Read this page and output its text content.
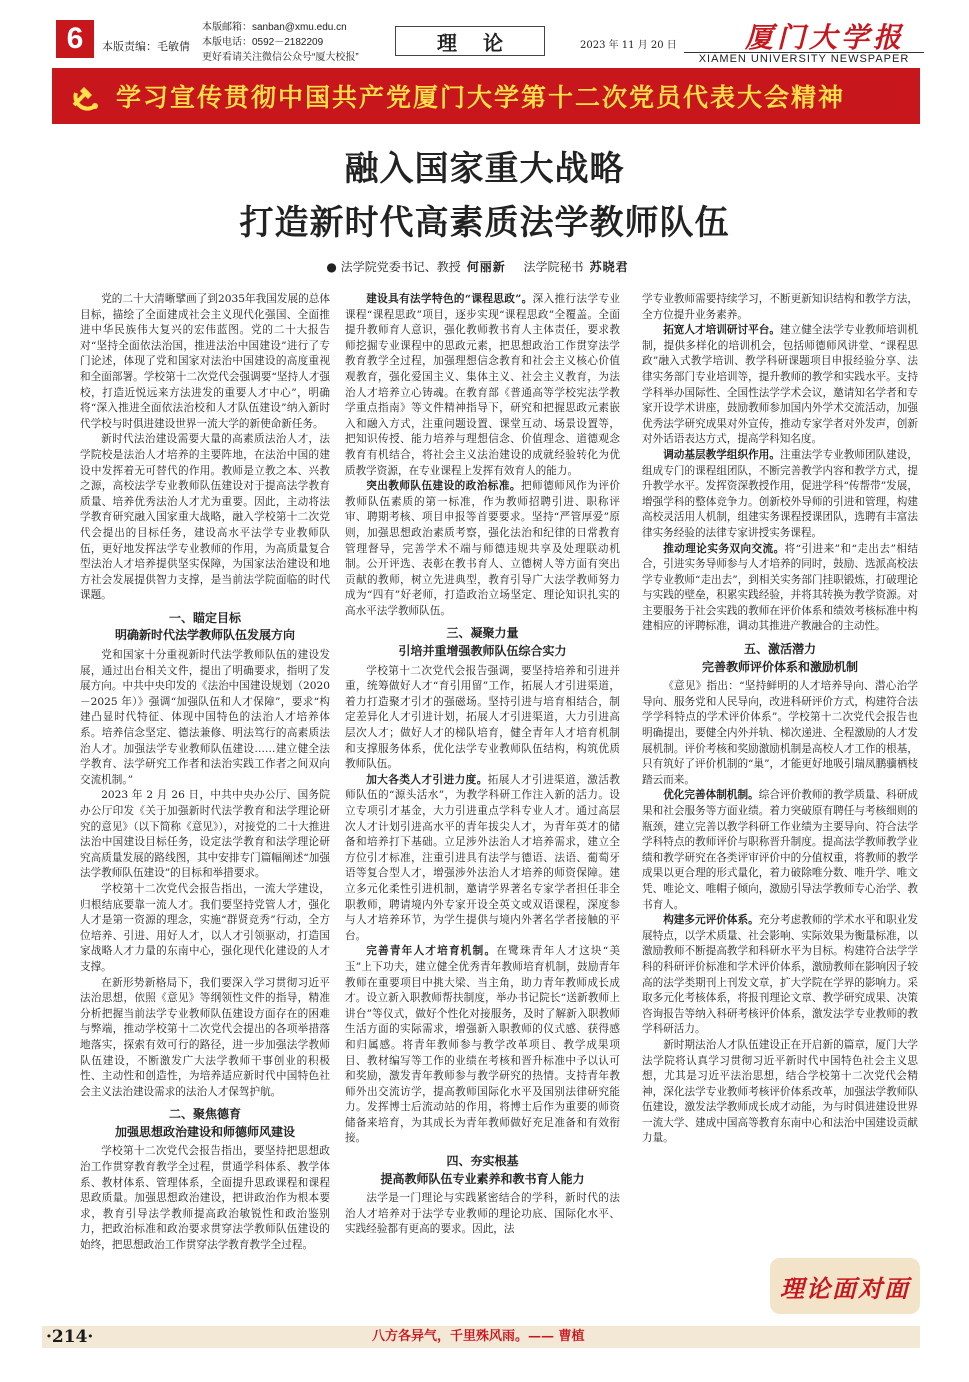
6	本版责编：毛敏倩
本版邮箱：sanban@xmu.edu.cn
本版电话：0592－2182209
更好看请关注微信公众号“厦大校报”
理论	2023 年 11 月 20 日	厦门大学报
XIAMEN UNIVERSITY NEWSPAPER
学习宣传贯彻中国共产党厦门大学第十二次党员代表大会精神
融入国家重大战略
打造新时代高素质法学教师队伍
● 法学院党委书记、教授 何丽新 法学院秘书 苏晓君

党的二十大清晰擘画了到2035年我国发展的总体目标，描绘了全面建成社会主义现代化强国、全面推进中华民族伟大复兴的宏伟蓝图。党的二十大报告对“坚持全面依法治国，推进法治中国建设”进行了专门论述，体现了党和国家对法治中国建设的高度重视和全面部署。学校第十二次党代会强调要“坚持人才强校，打造近悦远来方法进发的重要人才中心”，明确将“深入推进全面依法治校和人才队伍建设”纳入新时代学校与时俱进建设世界一流大学的新使命新任务。

新时代法治建设需要大量的高素质法治人才，法学院校是法治人才培养的主要阵地，在法治中国的建设中发挥着无可替代的作用。教师是立教之本、兴教之源，高校法学专业教师队伍建设对于提高法学教育质量、培养优秀法治人才尤为重要。因此，主动将法学教育研究融入国家重大战略，融入学校第十二次党代会提出的目标任务，建设高水平法学专业教师队伍，更好地发挥法学专业教师的作用，为高质量复合型法治人才培养提供坚实保障，为国家法治建设和地方社会发展提供智力支撑，是当前法学院面临的时代课题。

一、瞄定目标
明确新时代法学教师队伍发展方向

党和国家十分重视新时代法学教师队伍的建设发展，通过出台相关文件，提出了明确要求，指明了发展方向。中共中央印发的《法治中国建设规划（2020－2025 年）》强调“加强队伍和人才保障”，要求“构建凸显时代特征、体现中国特色的法治人才培养体系。培养信念坚定、德法兼修、明法笃行的高素质法治人才。加强法学专业教师队伍建设……建立健全法学教育、法学研究工作者和法治实践工作者之间双向交流机制。”

2023 年 2 月 26 日，中共中央办公厅、国务院办公厅印发《关于加强新时代法学教育和法学理论研究的意见》（以下简称《意见》），对接党的二十大推进法治中国建设目标任务，设定法学教育和法学理论研究高质量发展的路线图，其中安排专门篇幅阐述“加强法学教师队伍建设”的目标和举措要求。

学校第十二次党代会报告指出，一流大学建设，归根结底要靠一流人才。我们要坚持党管人才，强化人才是第一资源的理念，实施“群贤竞秀”行动，全方位培养、引进、用好人才，以人才引领驱动，打造国家战略人才力量的东南中心，强化现代化建设的人才支撑。

在新形势新格局下，我们要深入学习贯彻习近平法治思想，依照《意见》等纲领性文件的指导，精准分析把握当前法学专业教师队伍建设方面存在的困难与弊端，推动学校第十二次党代会提出的各项举措落地落实，探索有效可行的路径，进一步加强法学教师队伍建设，不断激发广大法学教师干事创业的积极性、主动性和创造性，为培养适应新时代中国特色社会主义法治建设需求的法治人才保驾护航。

二、聚焦德育
加强思想政治建设和师德师风建设

学校第十二次党代会报告指出，要坚持把思想政治工作贯穿教育教学全过程，贯通学科体系、教学体系、教材体系、管理体系，全面提升思政课程和课程思政质量。加强思想政治建设，把讲政治作为根本要求，教育引导法学教师提高政治敏锐性和政治鉴别力，把政治标准和政治要求贯穿法学教师队伍建设的始终，把思想政治工作贯穿法学教育教学全过程。

建设具有法学特色的“课程思政”。深入推行法学专业课程“课程思政”项目，逐步实现“课程思政”全覆盖。全面提升教师育人意识，强化教师教书育人主体责任，要求教师挖掘专业课程中的思政元素，把思想政治工作贯穿法学教育教学全过程，加强理想信念教育和社会主义核心价值观教育，强化爱国主义、集体主义、社会主义教育，为法治人才培养立心铸魂。在教育部《普通高等学校宪法学教学重点指南》等文件精神指导下，研究和把握思政元素嵌入和融入方式，注重问题设置、课堂互动、场景设置等，把知识传授、能力培养与理想信念、价值理念、道德观念教育有机结合，将社会主义法治建设的成就经验转化为优质教学资源，在专业课程上发挥有效育人的能力。

突出教师队伍建设的政治标准。把师德师风作为评价教师队伍素质的第一标准，作为教师招聘引进、职称评审、聘期考核、项目申报等首要要求。坚持“严管厚爱”原则，加强思想政治素质考察，强化法治和纪律的日常教育管理督导，完善学术不端与师德违规共享及处理联动机制。公开评选、表彰在教书育人、立德树人等方面有突出贡献的教师，树立先进典型，教育引导广大法学教师努力成为“四有”好老师，打造政治立场坚定、理论知识扎实的高水平法学教师队伍。

三、凝聚力量
引培并重增强教师队伍综合实力

学校第十二次党代会报告强调，要坚持培养和引进并重，统筹做好人才“育引用留”工作，拓展人才引进渠道，着力打造聚才引才的强磁场。坚持引进与培育相结合，制定差异化人才引进计划，拓展人才引进渠道，大力引进高层次人才；做好人才的梯队培育，健全青年人才培育机制和支撑服务体系，优化法学专业教师队伍结构，构筑优质教师队伍。

加大各类人才引进力度。拓展人才引进渠道，激活教师队伍的“源头活水”，为教学科研工作注入新的活力。设立专项引才基金，大力引进重点学科专业人才。通过高层次人才计划引进高水平的青年拔尖人才，为青年英才的储备和培养打下基础。立足涉外法治人才培养需求，建立全方位引才标准，注重引进具有法学与德语、法语、葡萄牙语等复合型人才，增强涉外法治人才培养的师资保障。建立多元化柔性引进机制，邀请学界著名专家学者担任非全职教师，聘请境内外专家开设全英文或双语课程，深度参与人才培养环节，为学生提供与境内外著名学者接触的平台。

完善青年人才培育机制。在鹭珠青年人才这块“美玉”上下功夫，建立健全优秀青年教师培育机制，鼓励青年教师在重要项目中挑大梁、当主角，助力青年教师成长成才。设立新入职教师帮扶制度，举办书记院长“送新教师上讲台”等仪式，做好个性化对接服务，及时了解新入职教师生活方面的实际需求，增强新入职教师的仪式感、获得感和归属感。将青年教师参与教学改革项目、教学成果项目、教材编写等工作的业绩在考核和晋升标准中予以认可和奖励，激发青年教师参与教学研究的热情。支持青年教师外出交流访学，提高教师国际化水平及国别法律研究能力。发挥博士后流动站的作用，将博士后作为重要的师资储备来培育，为其成长为青年教师做好充足准备和有效衔接。

四、夯实根基
提高教师队伍专业素养和教书育人能力

法学是一门理论与实践紧密结合的学科，新时代的法治人才培养对于法学专业教师的理论功底、国际化水平、实践经验都有更高的要求。因此，法

学专业教师需要持续学习，不断更新知识结构和教学方法，全方位提升业务素养。

拓宽人才培训研讨平台。建立健全法学专业教师培训机制，提供多样化的培训机会，包括师德师风讲堂、“课程思政”融入式教学培训、教学科研课题项目申报经验分享、法律实务部门专业培训等，提升教师的教学和实践水平。支持学科举办国际性、全国性法学学术会议，邀请知名学者和专家开设学术讲座，鼓励教师参加国内外学术交流活动，加强优秀法学研究成果对外宣传，推动专家学者对外发声，创新对外话语表达方式，提高学科知名度。

调动基层教学组织作用。注重法学专业教师团队建设，组成专门的课程组团队，不断完善教学内容和教学方式，提升教学水平。发挥资深教授作用，促进学科“传帮带”发展，增强学科的整体竞争力。创新校外导师的引进和管理，构建高校灵活用人机制，组建实务课程授课团队，选聘有丰富法律实务经验的法律专家讲授实务课程。

推动理论实务双向交流。将“引进来”和“走出去”相结合，引进实务导师参与人才培养的同时，鼓励、选派高校法学专业教师“走出去”，到相关实务部门挂职锻炼，打破理论与实践的壁垒，积累实践经验，并将其转换为教学资源。对主要服务于社会实践的教师在评价体系和绩效考核标准中构建相应的评聘标准，调动其推进产教融合的主动性。

五、激活潜力
完善教师评价体系和激励机制

《意见》指出：“坚持鲜明的人才培养导向、潜心治学导向、服务党和人民导向，改进科研评价方式，构建符合法学学科特点的学术评价体系”。学校第十二次党代会报告也明确提出，要健全内外并轨、梯次递进、全程激励的人才发展机制。评价考核和奖励激励机制是高校人才工作的根基，只有筑好了评价机制的“巢”，才能更好地吸引瑞凤鹏骥栖枝踏云而来。

优化完善体制机制。综合评价教师的教学质量、科研成果和社会服务等方面业绩。着力突破原有聘任与考核细则的瓶颈，建立完善以教学科研工作业绩为主要导向、符合法学学科特点的教师评价与职称晋升制度。提高法学教师教学业绩和教学研究在各类评审评价中的分值权重，将教师的教学成果以更合理的形式量化，着力破除唯分数、唯升学、唯文凭、唯论文、唯帽子倾向，激励引导法学教师专心治学、教书育人。

构建多元评价体系。充分考虑教师的学术水平和职业发展特点，以学术质量、社会影响、实际效果为衡量标准，以激励教师不断提高教学和科研水平为目标。构建符合法学学科的科研评价标准和学术评价体系，激励教师在影响因子较高的法学类期刊上刊发文章，扩大学院在学界的影响力。采取多元化考核体系，将报刊理论文章、教学研究成果、决策咨询报告等纳入科研考核评价体系，激发法学专业教师的教学科研活力。

新时期法治人才队伍建设正在开启新的篇章，厦门大学法学院将认真学习贯彻习近平新时代中国特色社会主义思想，尤其是习近平法治思想，结合学校第十二次党代会精神，深化法学专业教师考核评价体系改革，加强法学教师队伍建设，激发法学教师成长成才动能，为与时俱进建设世界一流大学、建成中国高等教育东南中心和法治中国建设贡献力量。

理论面对面
·214·	八方各异气，千里殊风雨。—— 曹植
